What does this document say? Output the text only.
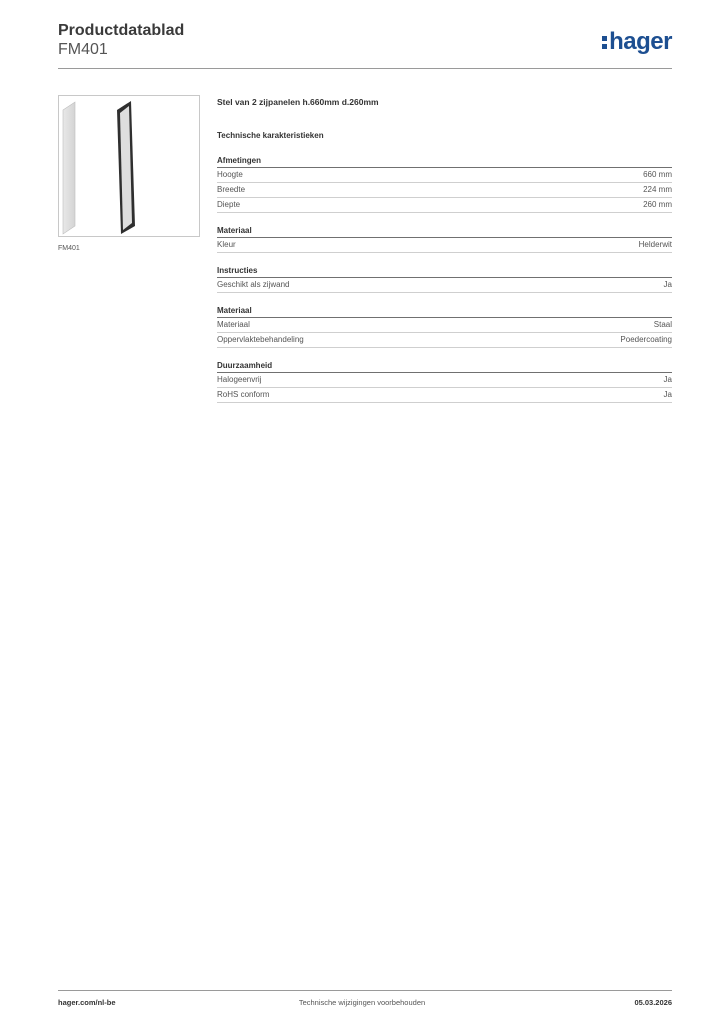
Productdatablad
FM401	hager
FM401
Stel van 2 zijpanelen h.660mm d.260mm
Technische karakteristieken
Afmetingen
Hoogte	660 mm
Breedte	224 mm
Diepte	260 mm
Materiaal
Kleur	Helderwit
Instructies
Geschikt als zijwand	Ja
Materiaal
Materiaal	Staal
Oppervlaktebehandeling	Poedercoating
Duurzaamheid
Halogeenvrij	Ja
RoHS conform	Ja
hager.com/nl-be	Technische wijzigingen voorbehouden	05.03.2026
